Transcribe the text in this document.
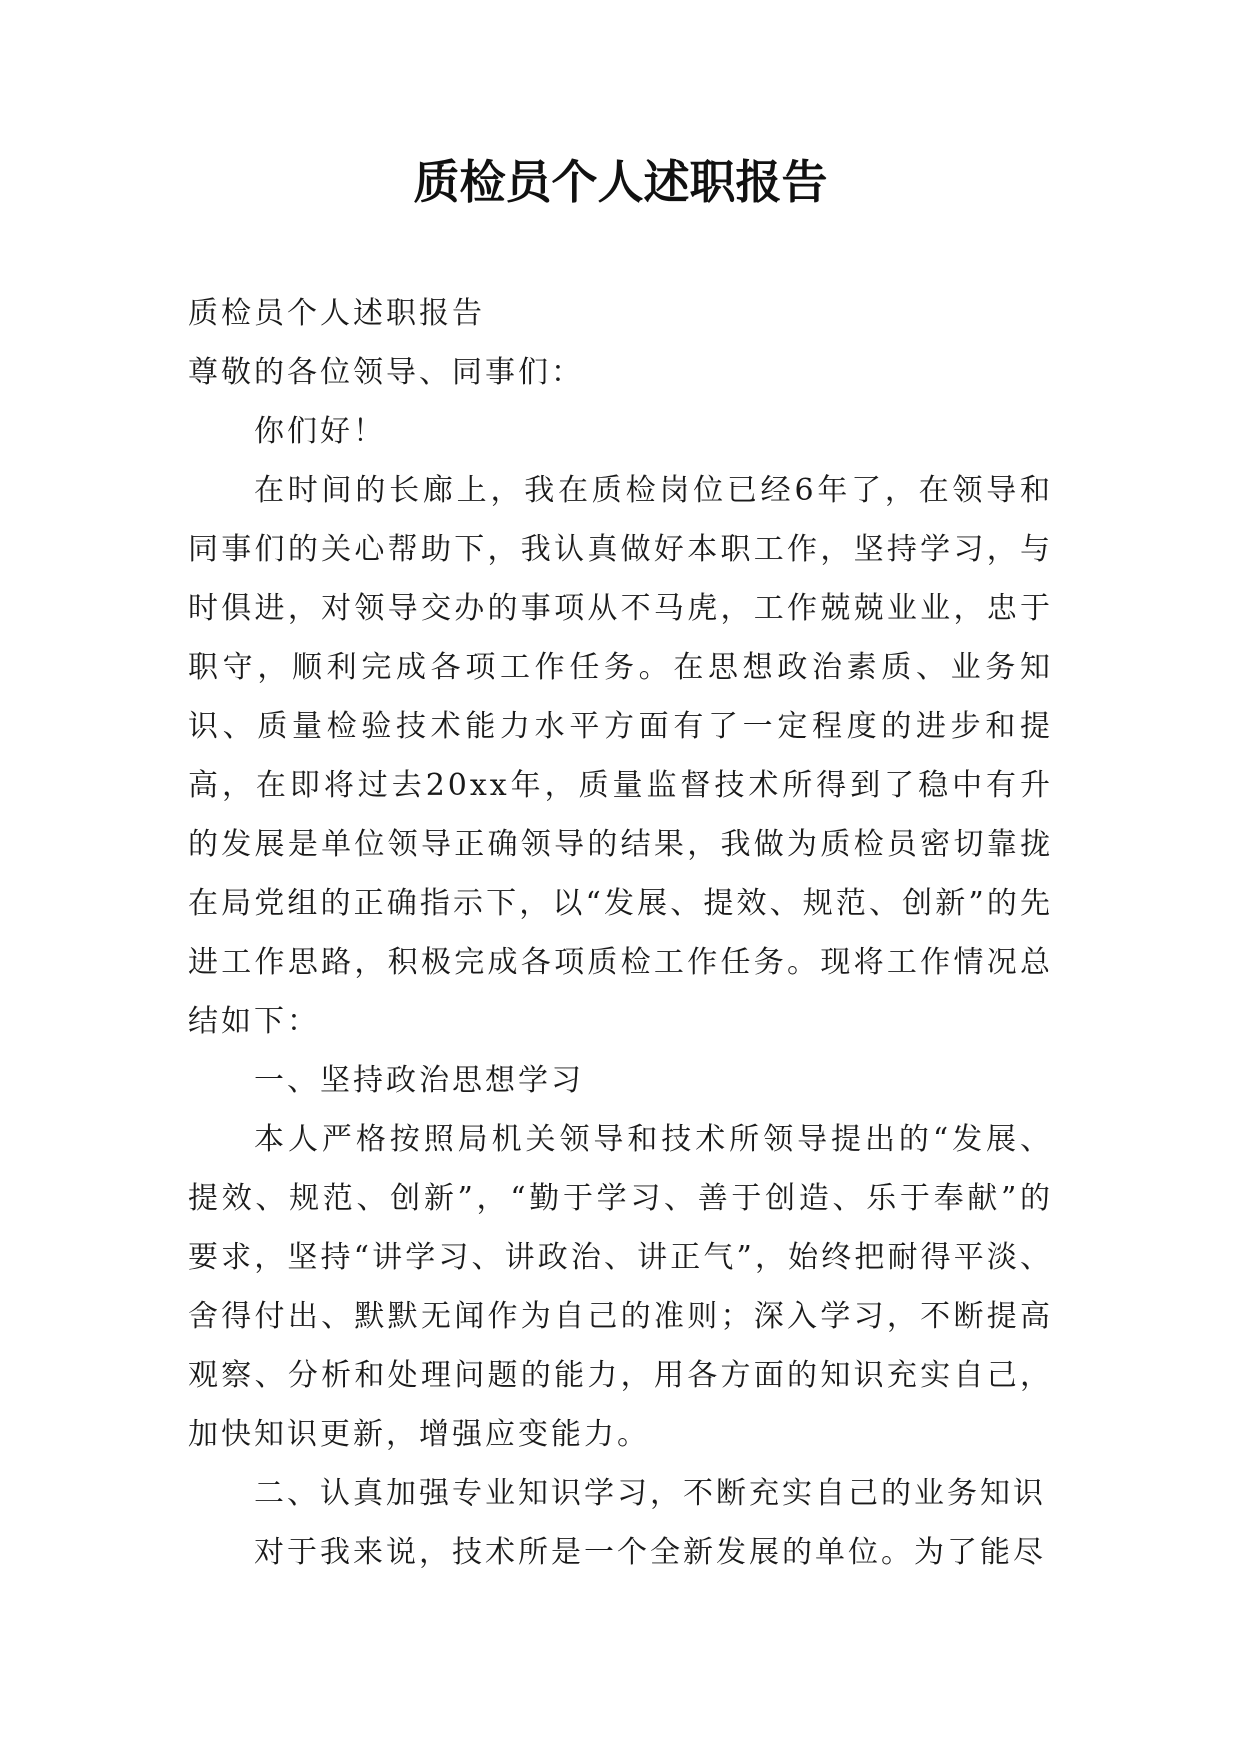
质检员个人述职报告

质检员个人述职报告

尊敬的各位领导、同事们：

你们好！

在时间的长廊上，我在质检岗位已经6年了，在领导和同事们的关心帮助下，我认真做好本职工作，坚持学习，与时俱进，对领导交办的事项从不马虎，工作兢兢业业，忠于职守，顺利完成各项工作任务。在思想政治素质、业务知识、质量检验技术能力水平方面有了一定程度的进步和提高，在即将过去20xx年，质量监督技术所得到了稳中有升的发展是单位领导正确领导的结果，我做为质检员密切靠拢在局党组的正确指示下，以“发展、提效、规范、创新”的先进工作思路，积极完成各项质检工作任务。现将工作情况总结如下：

一、坚持政治思想学习

本人严格按照局机关领导和技术所领导提出的“发展、提效、规范、创新”，“勤于学习、善于创造、乐于奉献”的要求，坚持“讲学习、讲政治、讲正气”，始终把耐得平淡、舍得付出、默默无闻作为自己的准则；深入学习，不断提高观察、分析和处理问题的能力，用各方面的知识充实自己，加快知识更新，增强应变能力。

二、认真加强专业知识学习，不断充实自己的业务知识

对于我来说，技术所是一个全新发展的单位。为了能尽
